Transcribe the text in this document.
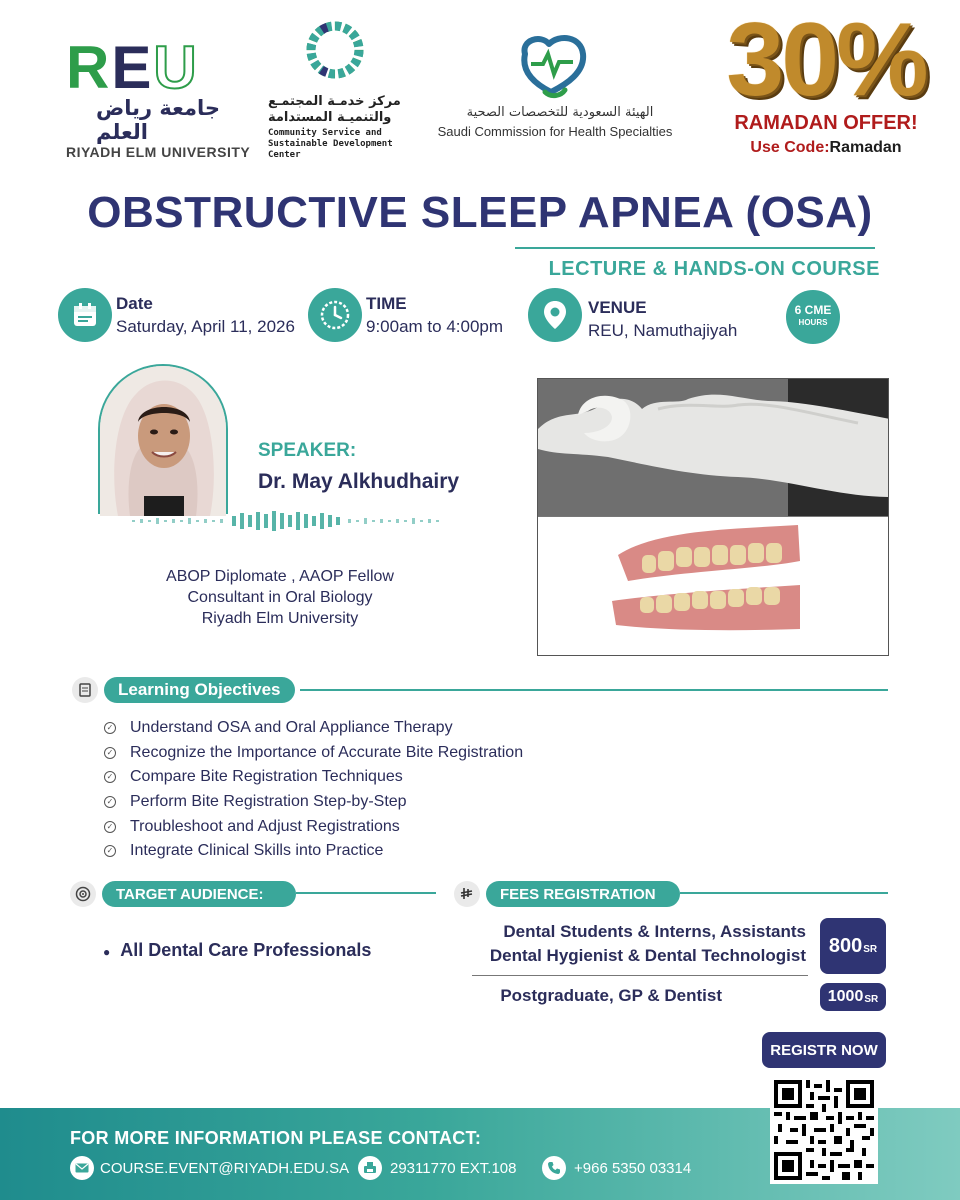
REU
جامعة رياض العلم
RIYADH ELM UNIVERSITY
مركز خدمـة المجتمـع
والتنميـة المستدامة
Community Service and
Sustainable Development Center
الهيئة السعودية للتخصصات الصحية
Saudi Commission for Health Specialties
30%
RAMADAN OFFER!
Use Code:Ramadan
OBSTRUCTIVE SLEEP APNEA (OSA)
LECTURE & HANDS-ON COURSE
Date
Saturday, April 11, 2026
TIME
9:00am to 4:00pm
VENUE
REU, Namuthajiyah
6 CME
HOURS
SPEAKER:
Dr. May Alkhudhairy
ABOP Diplomate , AAOP Fellow
Consultant in Oral Biology
Riyadh Elm University
Learning Objectives
✓ Understand OSA and Oral Appliance Therapy
✓ Recognize the Importance of Accurate Bite Registration
✓ Compare Bite Registration Techniques
✓ Perform Bite Registration Step-by-Step
✓ Troubleshoot and Adjust Registrations
✓ Integrate Clinical Skills into Practice
TARGET AUDIENCE:
● All Dental Care Professionals
FEES REGISTRATION
Dental Students & Interns, Assistants
Dental Hygienist & Dental Technologist 800 SR
Postgraduate, GP & Dentist	1000 SR
REGISTR NOW
FOR MORE INFORMATION PLEASE CONTACT:
COURSE.EVENT@RIYADH.EDU.SA	29311770 EXT.108	+966 5350 03314
